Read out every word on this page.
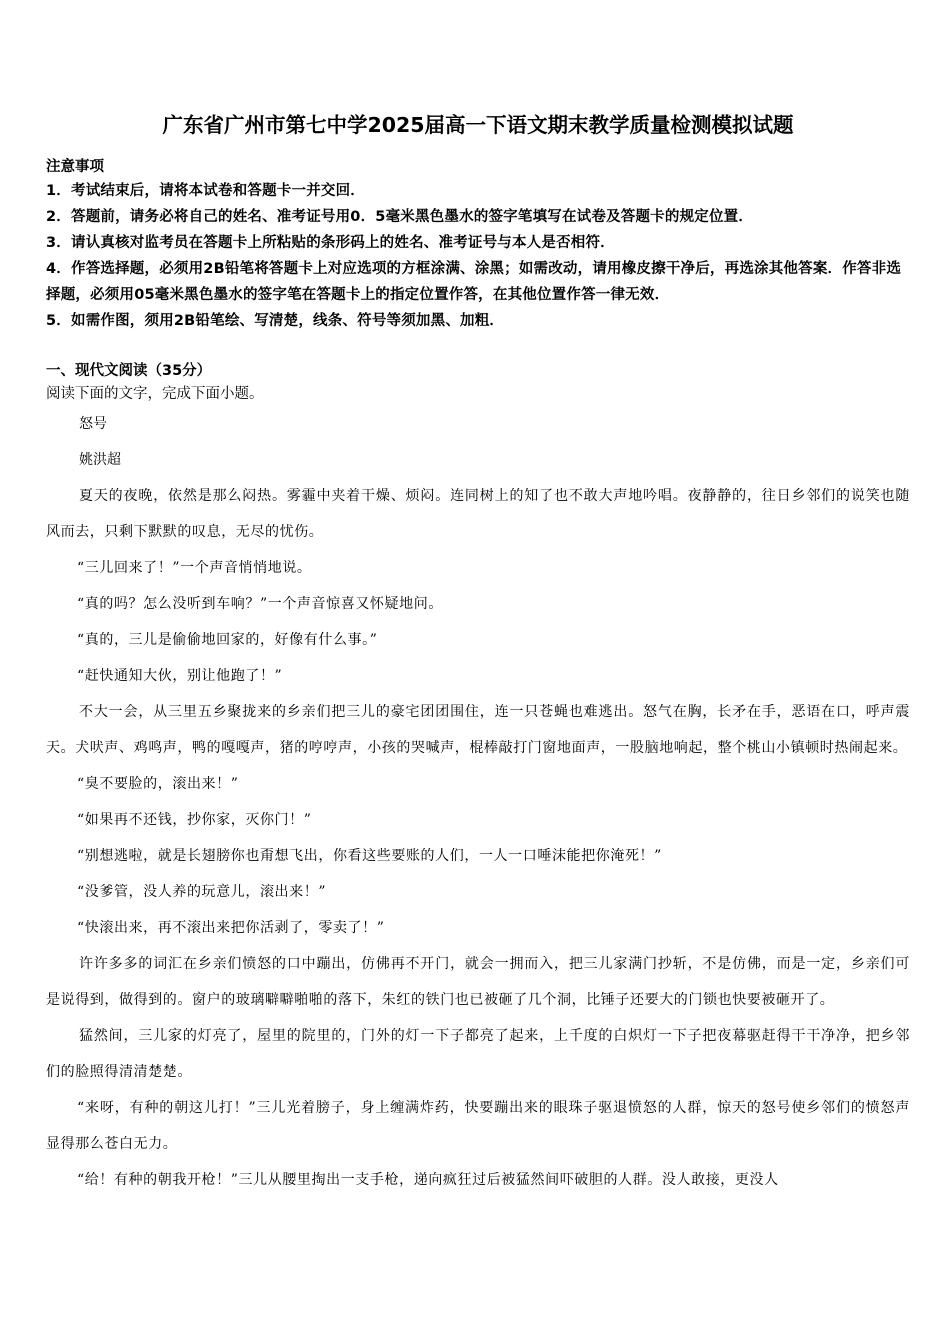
广东省广州市第七中学2025届高一下语文期末教学质量检测模拟试题
注意事项
1．考试结束后，请将本试卷和答题卡一并交回．
2．答题前，请务必将自己的姓名、准考证号用0．5毫米黑色墨水的签字笔填写在试卷及答题卡的规定位置．
3．请认真核对监考员在答题卡上所粘贴的条形码上的姓名、准考证号与本人是否相符．
4．作答选择题，必须用2B铅笔将答题卡上对应选项的方框涂满、涂黑；如需改动，请用橡皮擦干净后，再选涂其他答案．作答非选择题，必须用05毫米黑色墨水的签字笔在答题卡上的指定位置作答，在其他位置作答一律无效．
5．如需作图，须用2B铅笔绘、写清楚，线条、符号等须加黑、加粗．
一、现代文阅读（35分）
阅读下面的文字，完成下面小题。
怒号
姚洪超

夏天的夜晚，依然是那么闷热。雾霾中夹着干燥、烦闷。连同树上的知了也不敢大声地吟唱。夜静静的，往日乡邻们的说笑也随风而去，只剩下默默的叹息，无尽的忧伤。

“三儿回来了！”一个声音悄悄地说。

“真的吗？怎么没听到车响？”一个声音惊喜又怀疑地问。

“真的，三儿是偷偷地回家的，好像有什么事。”

“赶快通知大伙，别让他跑了！”

不大一会，从三里五乡聚拢来的乡亲们把三儿的豪宅团团围住，连一只苍蝇也难逃出。怒气在胸，长矛在手，恶语在口，呼声震天。犬吠声、鸡鸣声，鸭的嘎嘎声，猪的哼哼声，小孩的哭喊声，棍棒敲打门窗地面声，一股脑地响起，整个桃山小镇顿时热闹起来。

“臭不要脸的，滚出来！”

“如果再不还钱，抄你家，灭你门！”

“别想逃啦，就是长翅膀你也甭想飞出，你看这些要账的人们，一人一口唾沫能把你淹死！”

“没爹管，没人养的玩意儿，滚出来！”

“快滚出来，再不滚出来把你活剥了，零卖了！”

许许多多的词汇在乡亲们愤怒的口中蹦出，仿佛再不开门，就会一拥而入，把三儿家满门抄斩，不是仿佛，而是一定，乡亲们可是说得到，做得到的。窗户的玻璃噼噼啪啪的落下，朱红的铁门也已被砸了几个洞，比锤子还要大的门锁也快要被砸开了。

猛然间，三儿家的灯亮了，屋里的院里的，门外的灯一下子都亮了起来，上千度的白炽灯一下子把夜幕驱赶得干干净净，把乡邻们的脸照得清清楚楚。

“来呀，有种的朝这儿打！”三儿光着膀子，身上缠满炸药，快要蹦出来的眼珠子驱退愤怒的人群，惊天的怒号使乡邻们的愤怒声显得那么苍白无力。

“给！有种的朝我开枪！”三儿从腰里掏出一支手枪，递向疯狂过后被猛然间吓破胆的人群。没人敢接，更没人
